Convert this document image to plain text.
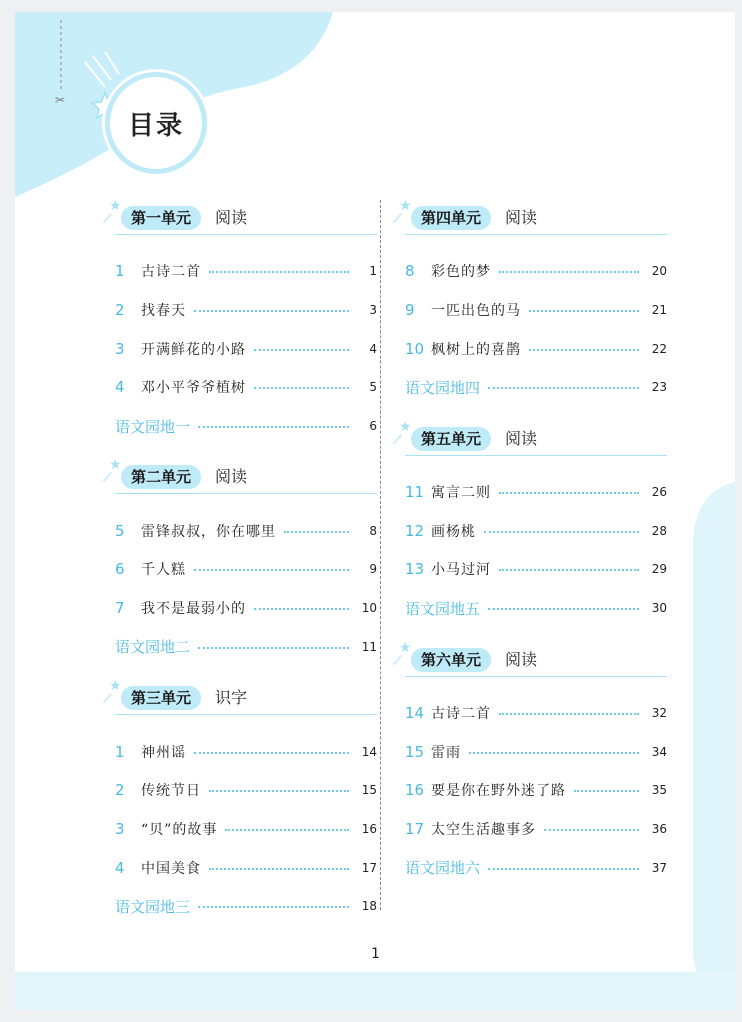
✂
目录
★
第一单元	阅读
1	古诗二首	1
2	找春天	3
3	开满鲜花的小路	4
4	邓小平爷爷植树	5
语文园地一	6
★
第二单元	阅读
5	雷锋叔叔，你在哪里	8
6	千人糕	9
7	我不是最弱小的	10
语文园地二	11
★
第三单元	识字
1	神州谣	14
2	传统节日	15
3	“贝”的故事	16
4	中国美食	17
语文园地三	18
★
第四单元	阅读
8	彩色的梦	20
9	一匹出色的马	21
10 枫树上的喜鹊	22
语文园地四	23
★
第五单元	阅读
11 寓言二则	26
12 画杨桃	28
13 小马过河	29
语文园地五	30
★
第六单元	阅读
14 古诗二首	32
15 雷雨	34
16 要是你在野外迷了路	35
17 太空生活趣事多	36
语文园地六	37
1
